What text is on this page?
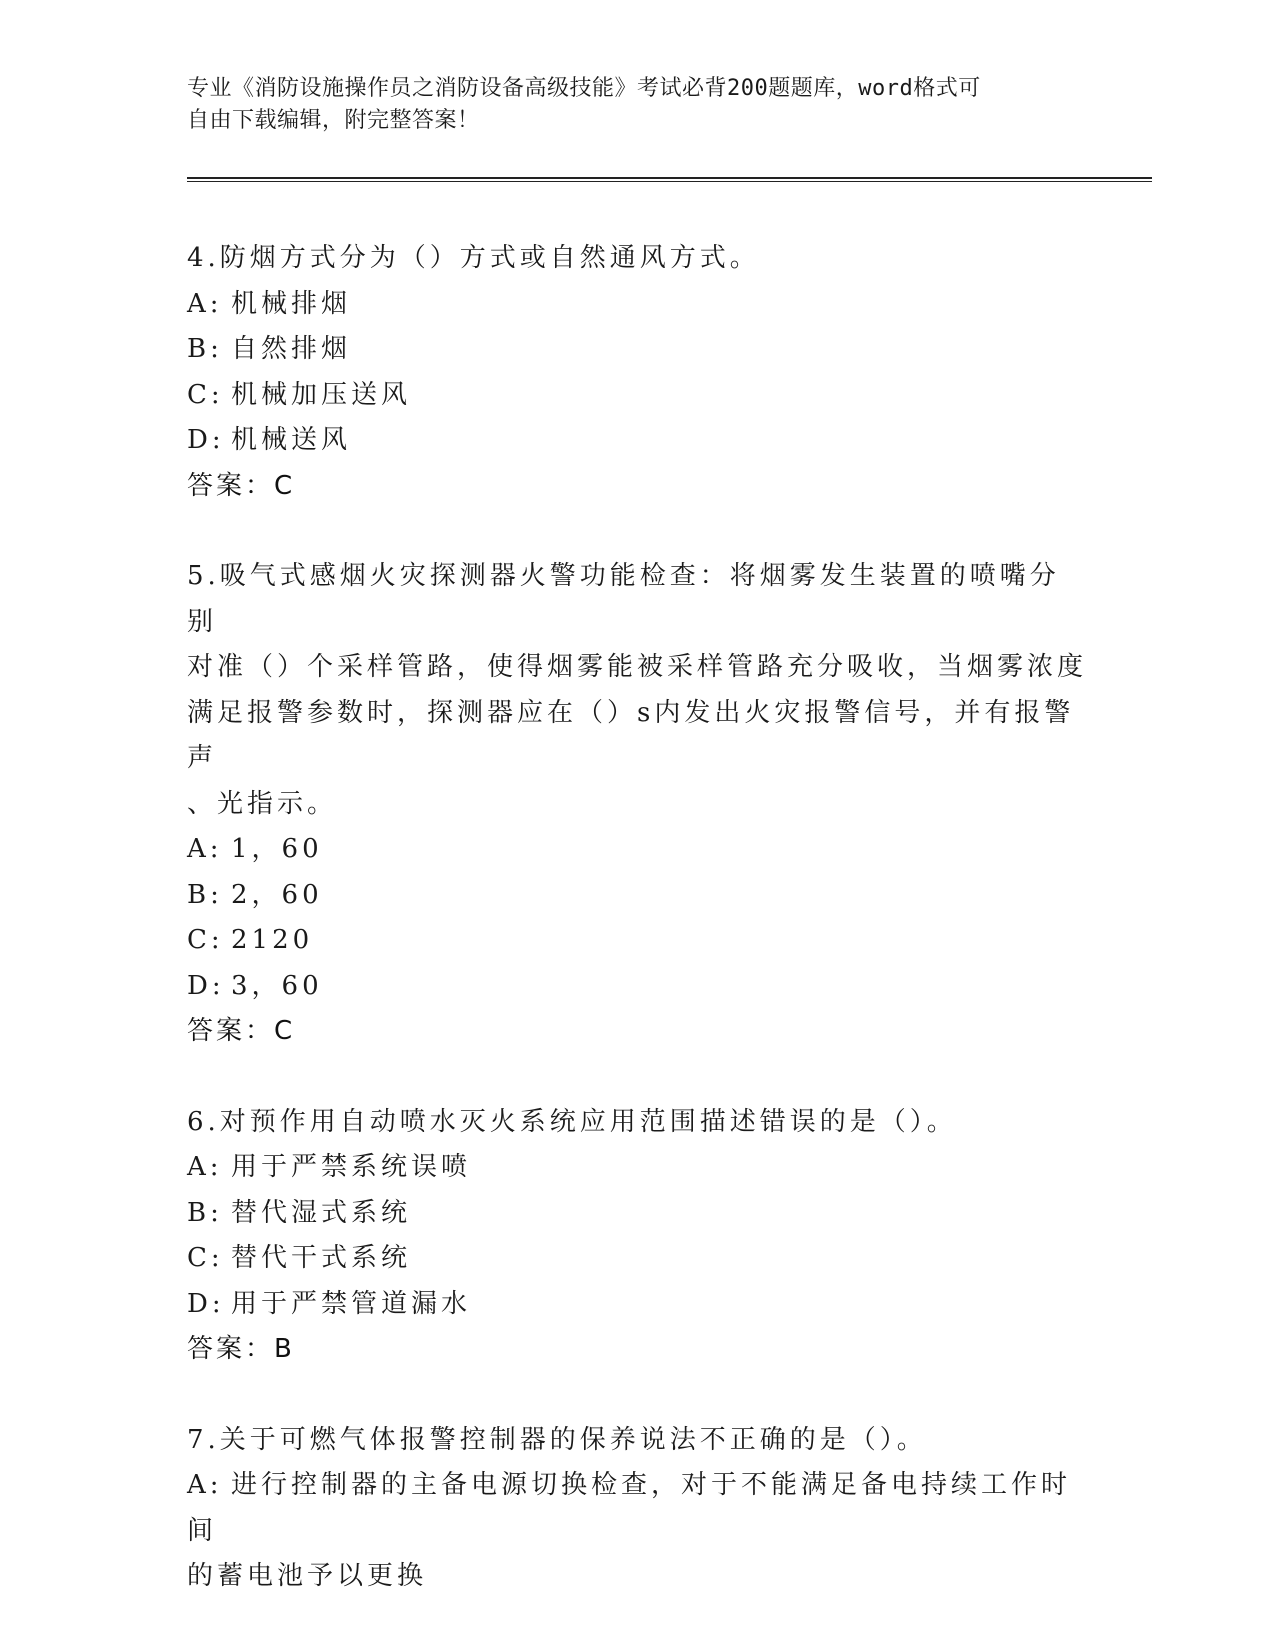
专业《消防设施操作员之消防设备高级技能》考试必背200题题库，word格式可
自由下载编辑，附完整答案！

4.防烟方式分为（）方式或自然通风方式。

A: 机械排烟

B: 自然排烟

C: 机械加压送风

D: 机械送风

答案：C

5.吸气式感烟火灾探测器火警功能检查：将烟雾发生装置的喷嘴分别

对准（）个采样管路，使得烟雾能被采样管路充分吸收，当烟雾浓度

满足报警参数时，探测器应在（）s内发出火灾报警信号，并有报警声

、光指示。

A: 1，60

B: 2，60

C: 2120

D: 3，60

答案：C

6.对预作用自动喷水灭火系统应用范围描述错误的是（）。

A: 用于严禁系统误喷

B: 替代湿式系统

C: 替代干式系统

D: 用于严禁管道漏水

答案：B

7.关于可燃气体报警控制器的保养说法不正确的是（）。

A: 进行控制器的主备电源切换检查，对于不能满足备电持续工作时间

的蓄电池予以更换
